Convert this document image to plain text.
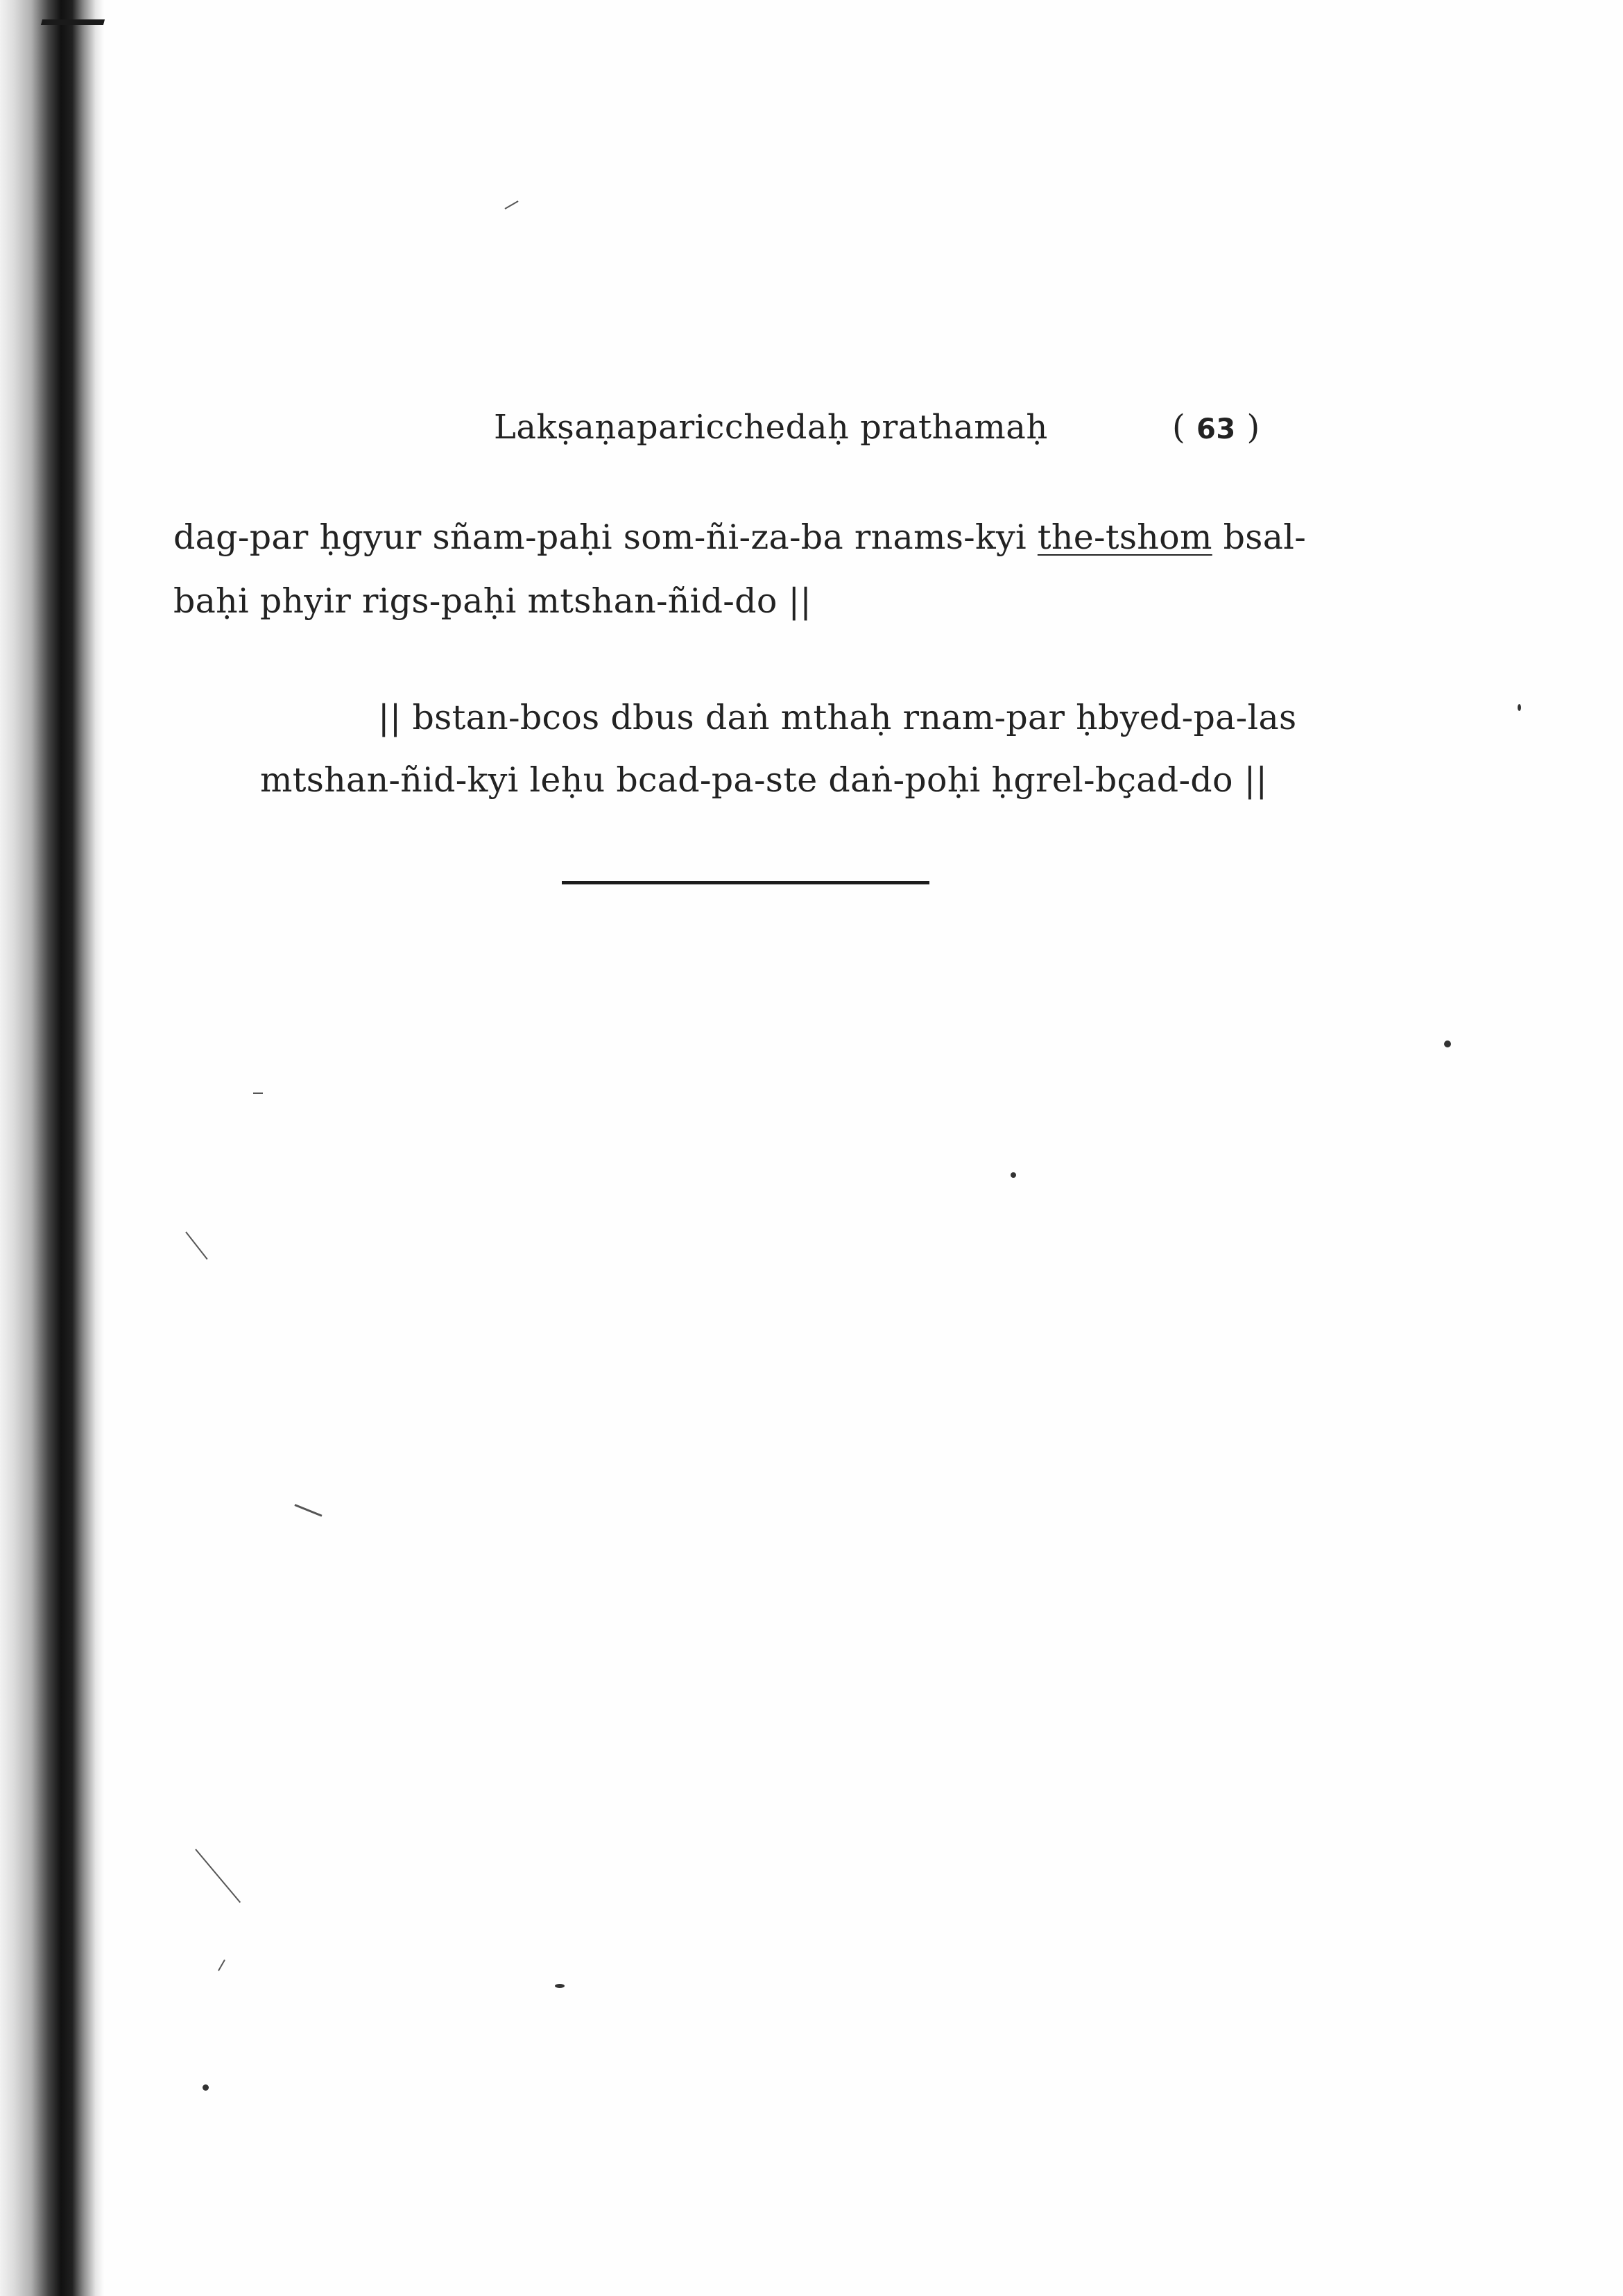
Lakṣaṇaparicchedaḥ prathamaḥ	( 63 )
dag-par ḥgyur sñam-paḥi som-ñi-za-ba rnams-kyi the-tshom bsal-
baḥi phyir rigs-paḥi mtshan-ñid-do ||
|| bstan-bcos dbus daṅ mthaḥ rnam-par ḥbyed-pa-las
mtshan-ñid-kyi leḥu bcad-pa-ste daṅ-poḥi ḥgrel-bçad-do ||
